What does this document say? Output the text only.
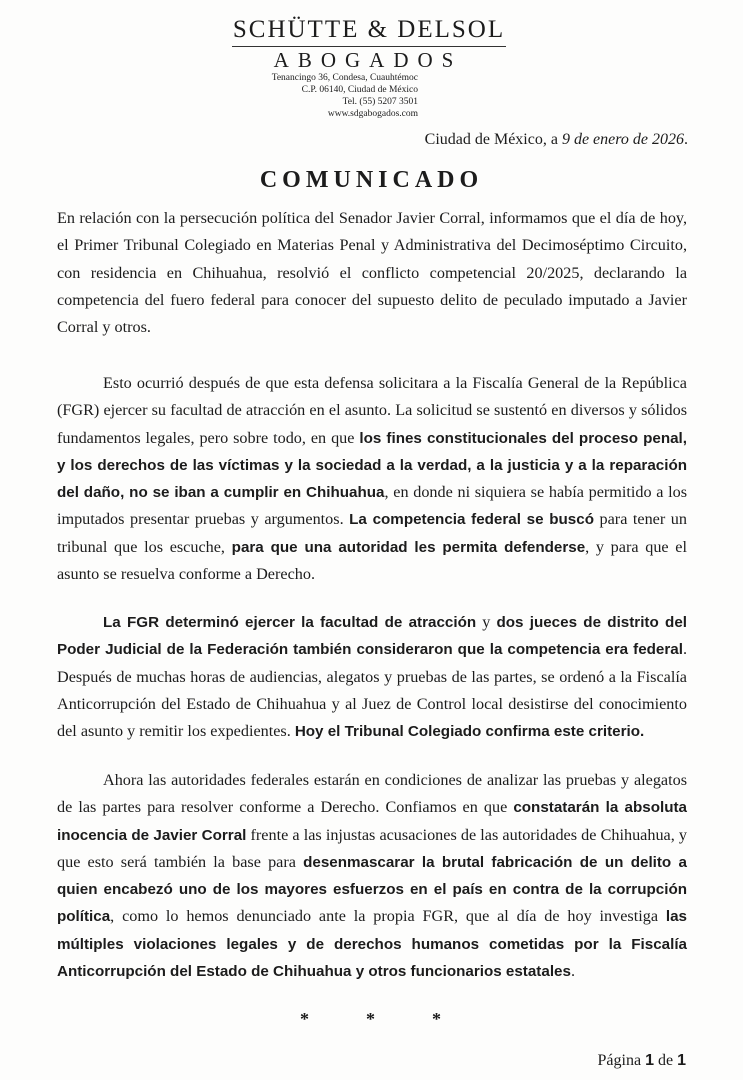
SCHÜTTE & DELSOL
ABOGADOS
Tenancingo 36, Condesa, Cuauhtémoc
C.P. 06140, Ciudad de México
Tel. (55) 5207 3501
www.sdgabogados.com
Ciudad de México, a 9 de enero de 2026.
COMUNICADO

En relación con la persecución política del Senador Javier Corral, informamos que el día de hoy, el Primer Tribunal Colegiado en Materias Penal y Administrativa del Decimoséptimo Circuito, con residencia en Chihuahua, resolvió el conflicto competencial 20/2025, declarando la competencia del fuero federal para conocer del supuesto delito de peculado imputado a Javier Corral y otros.

Esto ocurrió después de que esta defensa solicitara a la Fiscalía General de la República (FGR) ejercer su facultad de atracción en el asunto. La solicitud se sustentó en diversos y sólidos fundamentos legales, pero sobre todo, en que los fines constitucionales del proceso penal, y los derechos de las víctimas y la sociedad a la verdad, a la justicia y a la reparación del daño, no se iban a cumplir en Chihuahua, en donde ni siquiera se había permitido a los imputados presentar pruebas y argumentos. La competencia federal se buscó para tener un tribunal que los escuche, para que una autoridad les permita defenderse, y para que el asunto se resuelva conforme a Derecho.

La FGR determinó ejercer la facultad de atracción y dos jueces de distrito del Poder Judicial de la Federación también consideraron que la competencia era federal. Después de muchas horas de audiencias, alegatos y pruebas de las partes, se ordenó a la Fiscalía Anticorrupción del Estado de Chihuahua y al Juez de Control local desistirse del conocimiento del asunto y remitir los expedientes. Hoy el Tribunal Colegiado confirma este criterio.

Ahora las autoridades federales estarán en condiciones de analizar las pruebas y alegatos de las partes para resolver conforme a Derecho. Confiamos en que constatarán la absoluta inocencia de Javier Corral frente a las injustas acusaciones de las autoridades de Chihuahua, y que esto será también la base para desenmascarar la brutal fabricación de un delito a quien encabezó uno de los mayores esfuerzos en el país en contra de la corrupción política, como lo hemos denunciado ante la propia FGR, que al día de hoy investiga las múltiples violaciones legales y de derechos humanos cometidas por la Fiscalía Anticorrupción del Estado de Chihuahua y otros funcionarios estatales.

*	*	*
Página 1 de 1
